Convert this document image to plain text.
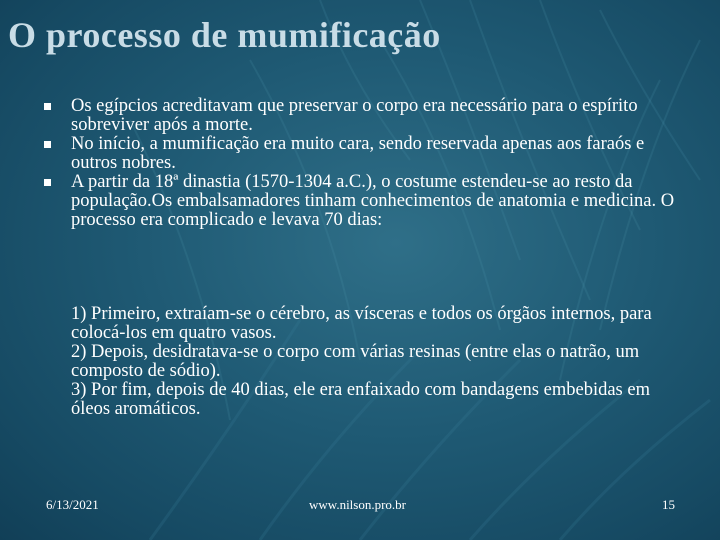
O processo de mumificação
Os egípcios acreditavam que preservar o corpo era necessário para o espírito sobreviver após a morte.
No início, a mumificação era muito cara, sendo reservada apenas aos faraós e outros nobres.
A partir da 18ª dinastia (1570-1304 a.C.), o costume estendeu-se ao resto da população.Os embalsamadores tinham conhecimentos de anatomia e medicina. O processo era complicado e levava 70 dias:

1) Primeiro, extraíam-se o cérebro, as vísceras e todos os órgãos internos, para colocá-los em quatro vasos.

2) Depois, desidratava-se o corpo com várias resinas (entre elas o natrão, um composto de sódio).

3) Por fim, depois de 40 dias, ele era enfaixado com bandagens embebidas em óleos aromáticos.

6/13/2021	www.nilson.pro.br	15
